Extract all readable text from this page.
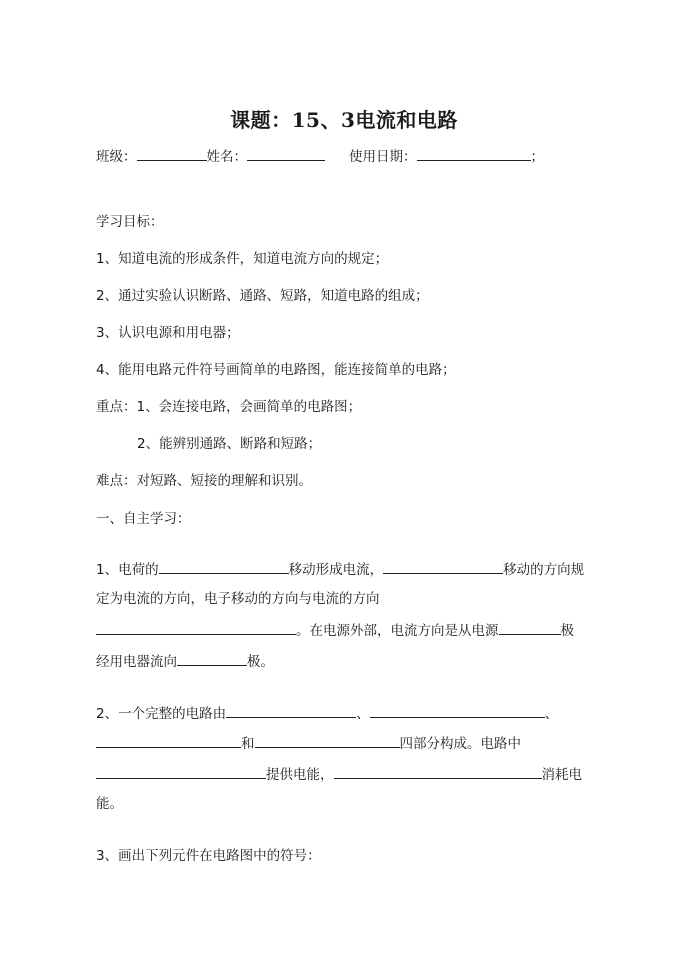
课题：15、3电流和电路
班级：	姓名：	使用日期：	；
学习目标：
1、知道电流的形成条件，知道电流方向的规定；
2、通过实验认识断路、通路、短路，知道电路的组成；
3、认识电源和用电器；
4、能用电路元件符号画简单的电路图，能连接简单的电路；
重点：1、会连接电路，会画简单的电路图；
2、能辨别通路、断路和短路；
难点：对短路、短接的理解和识别。
一、自主学习：
1、电荷的	移动形成电流，	移动的方向规
定为电流的方向，电子移动的方向与电流的方向
。在电源外部，电流方向是从电源	极
经用电器流向	极。
2、一个完整的电路由	、	、
和	四部分构成。电路中
提供电能，	消耗电
能。
3、画出下列元件在电路图中的符号：
